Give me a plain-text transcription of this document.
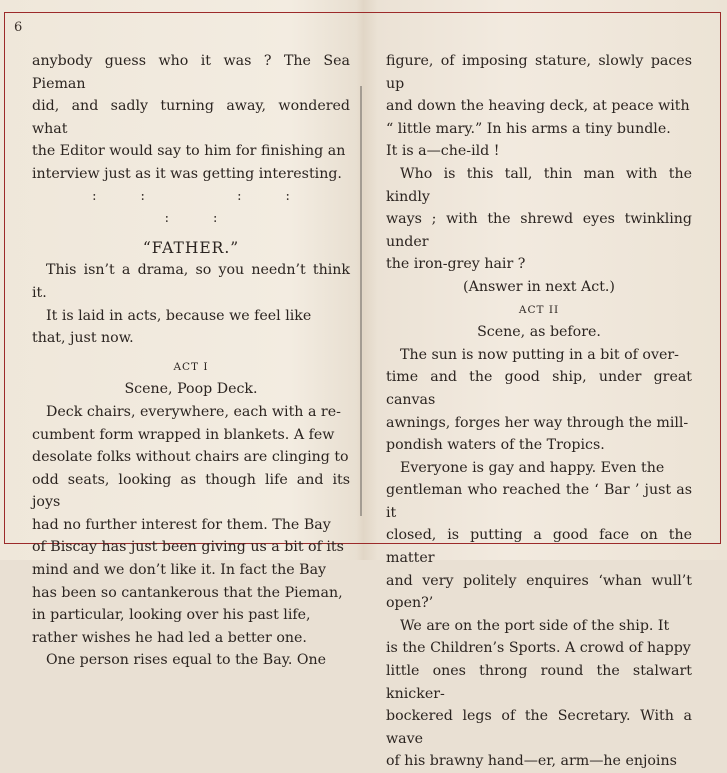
6

anybody guess who it was ? The Sea Pieman

did, and sadly turning away, wondered what

the Editor would say to him for finishing an

interview just as it was getting interesting.

:: :: ::

“FATHER.”

This isn’t a drama, so you needn’t think it.

It is laid in acts, because we feel like

that, just now.

ACT I

Scene, Poop Deck.

Deck chairs, everywhere, each with a re-

cumbent form wrapped in blankets. A few

desolate folks without chairs are clinging to

odd seats, looking as though life and its joys

had no further interest for them. The Bay

of Biscay has just been giving us a bit of its

mind and we don’t like it. In fact the Bay

has been so cantankerous that the Pieman,

in particular, looking over his past life,

rather wishes he had led a better one.

One person rises equal to the Bay. One

figure, of imposing stature, slowly paces up

and down the heaving deck, at peace with

“ little mary.” In his arms a tiny bundle.

It is a—che-ild !

Who is this tall, thin man with the kindly

ways ; with the shrewd eyes twinkling under

the iron-grey hair ?

(Answer in next Act.)

ACT II

Scene, as before.

The sun is now putting in a bit of over-

time and the good ship, under great canvas

awnings, forges her way through the mill-

pondish waters of the Tropics.

Everyone is gay and happy. Even the

gentleman who reached the ‘ Bar ’ just as it

closed, is putting a good face on the matter

and very politely enquires ‘whan wull’t open?’

We are on the port side of the ship. It

is the Children’s Sports. A crowd of happy

little ones throng round the stalwart knicker-

bockered legs of the Secretary. With a wave

of his brawny hand—er, arm—he enjoins
